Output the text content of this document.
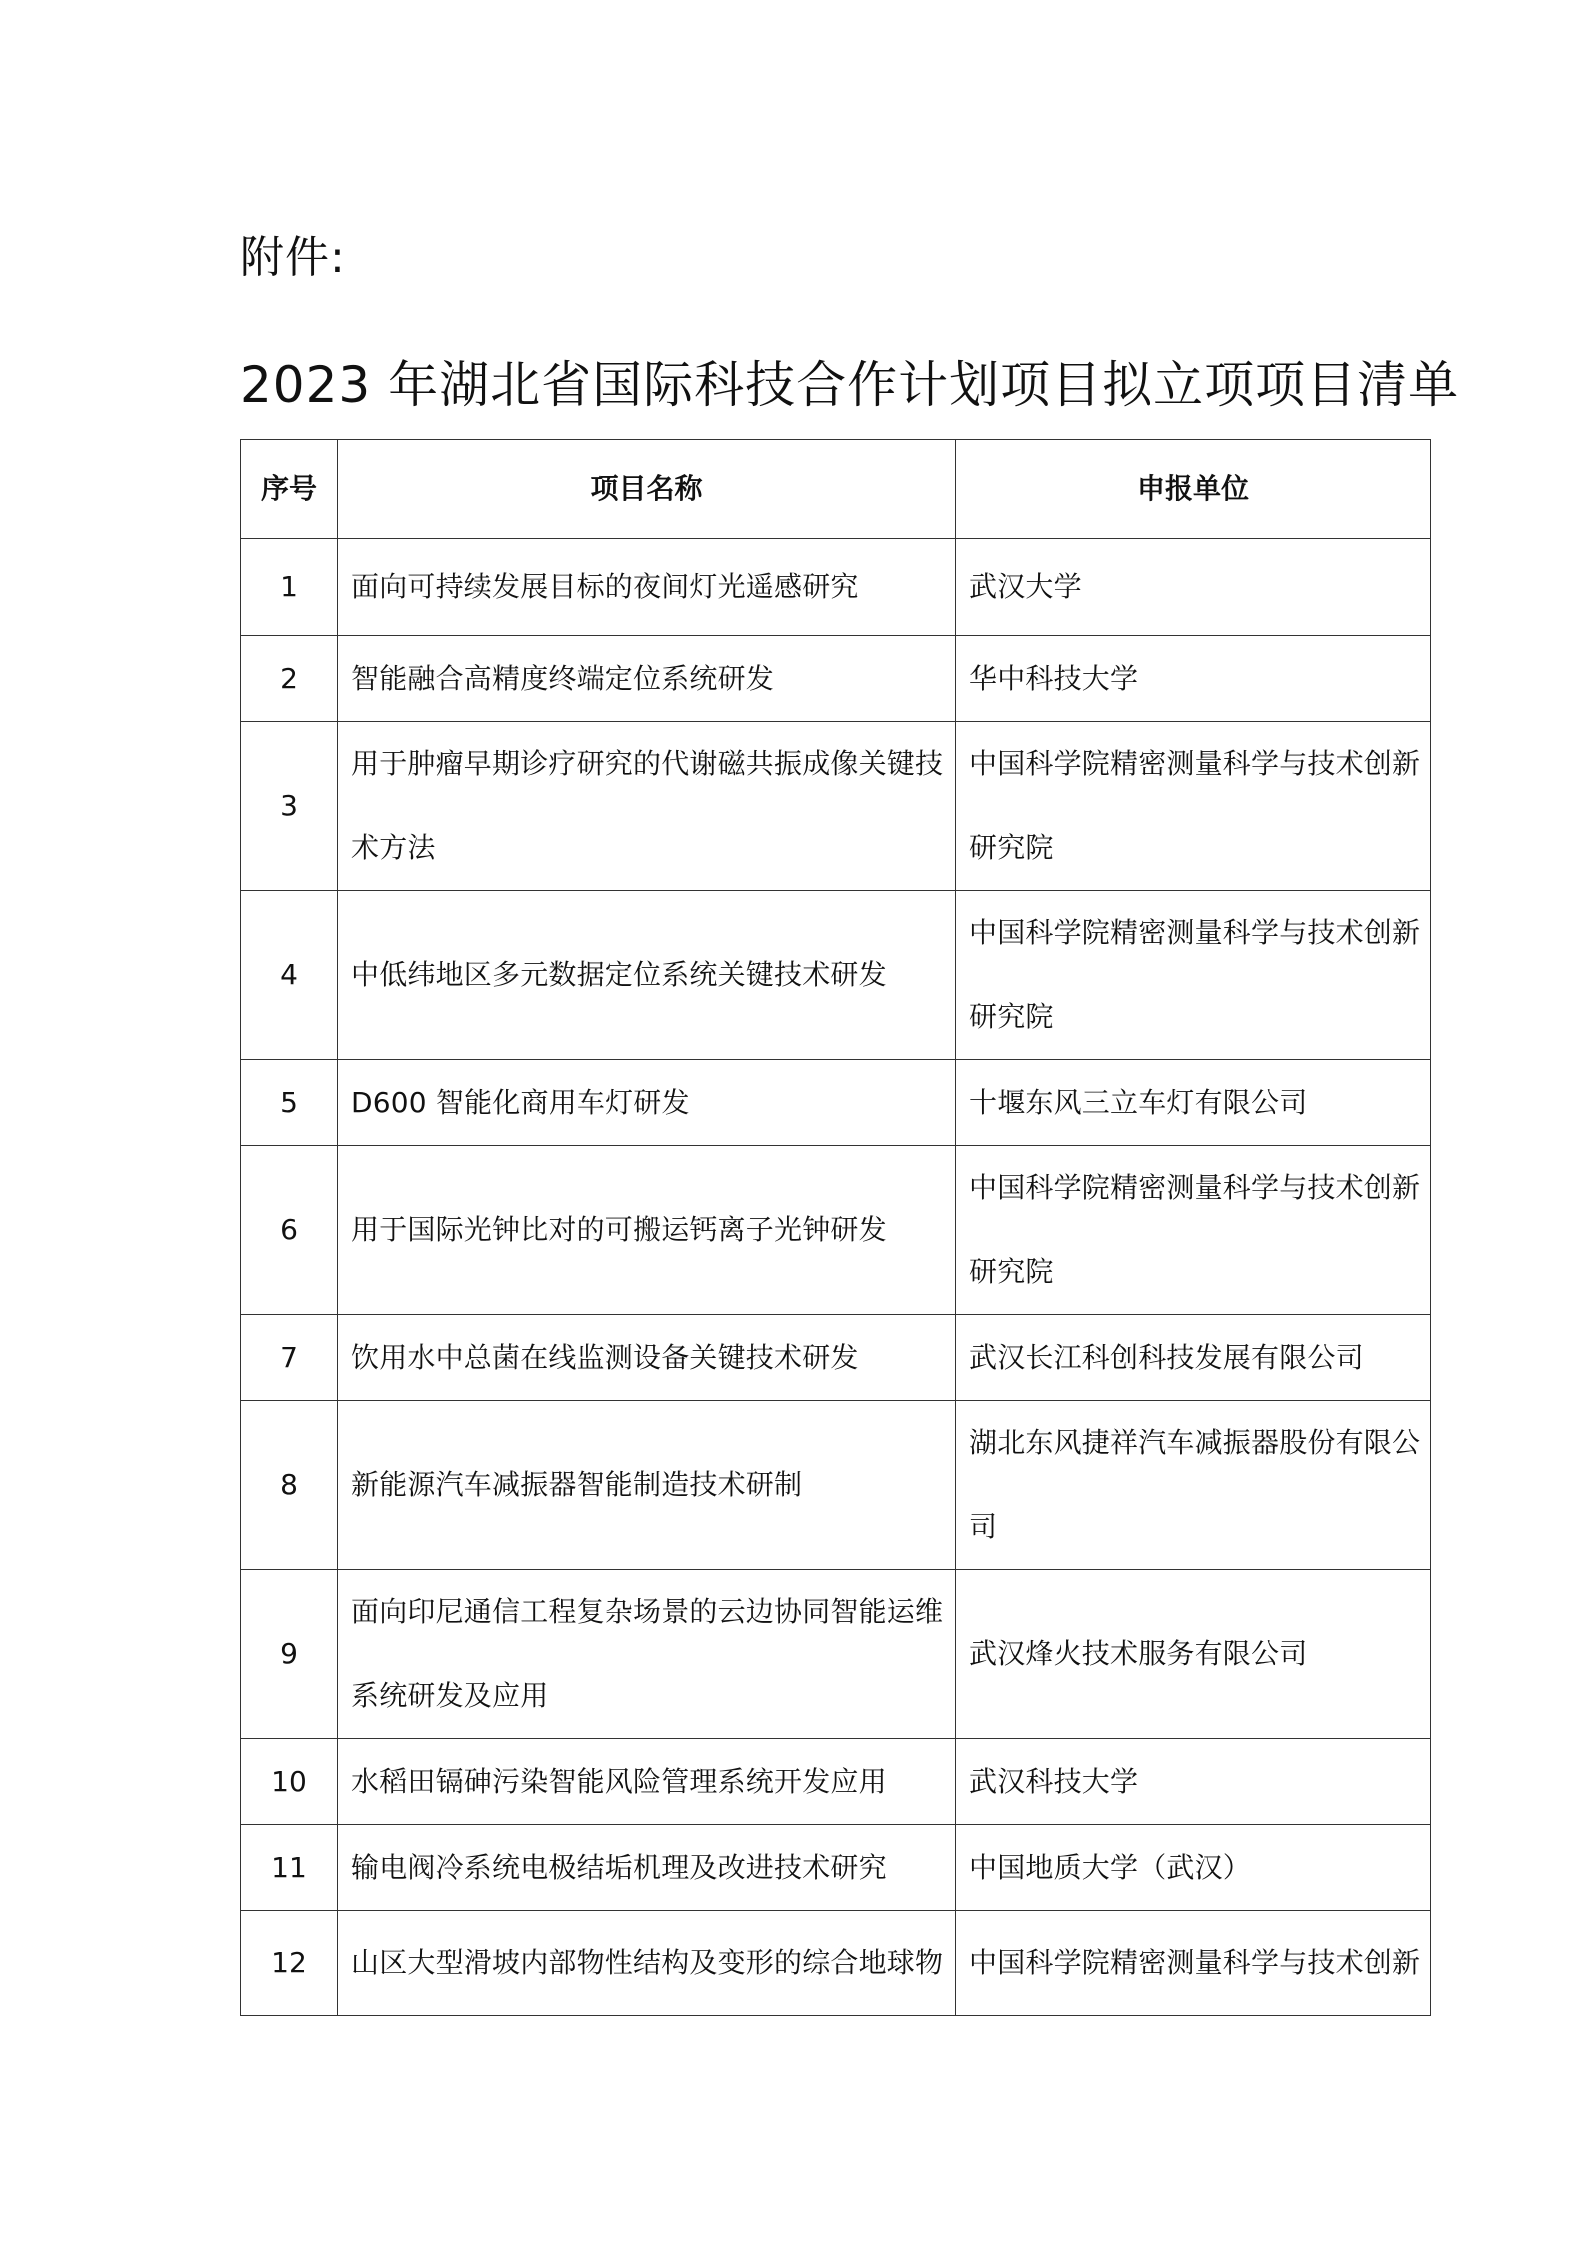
附件:
2023 年湖北省国际科技合作计划项目拟立项项目清单
序号	项目名称	申报单位
1	面向可持续发展目标的夜间灯光遥感研究	武汉大学
2	智能融合高精度终端定位系统研发	华中科技大学
3	用于肿瘤早期诊疗研究的代谢磁共振成像关键技术方法	中国科学院精密测量科学与技术创新研究院
4	中低纬地区多元数据定位系统关键技术研发	中国科学院精密测量科学与技术创新研究院
5	D600 智能化商用车灯研发	十堰东风三立车灯有限公司
6	用于国际光钟比对的可搬运钙离子光钟研发	中国科学院精密测量科学与技术创新研究院
7	饮用水中总菌在线监测设备关键技术研发	武汉长江科创科技发展有限公司
8	新能源汽车减振器智能制造技术研制	湖北东风捷祥汽车减振器股份有限公司
9	面向印尼通信工程复杂场景的云边协同智能运维系统研发及应用	武汉烽火技术服务有限公司
10	水稻田镉砷污染智能风险管理系统开发应用	武汉科技大学
11	输电阀冷系统电极结垢机理及改进技术研究	中国地质大学（武汉）
12	山区大型滑坡内部物性结构及变形的综合地球物	中国科学院精密测量科学与技术创新
